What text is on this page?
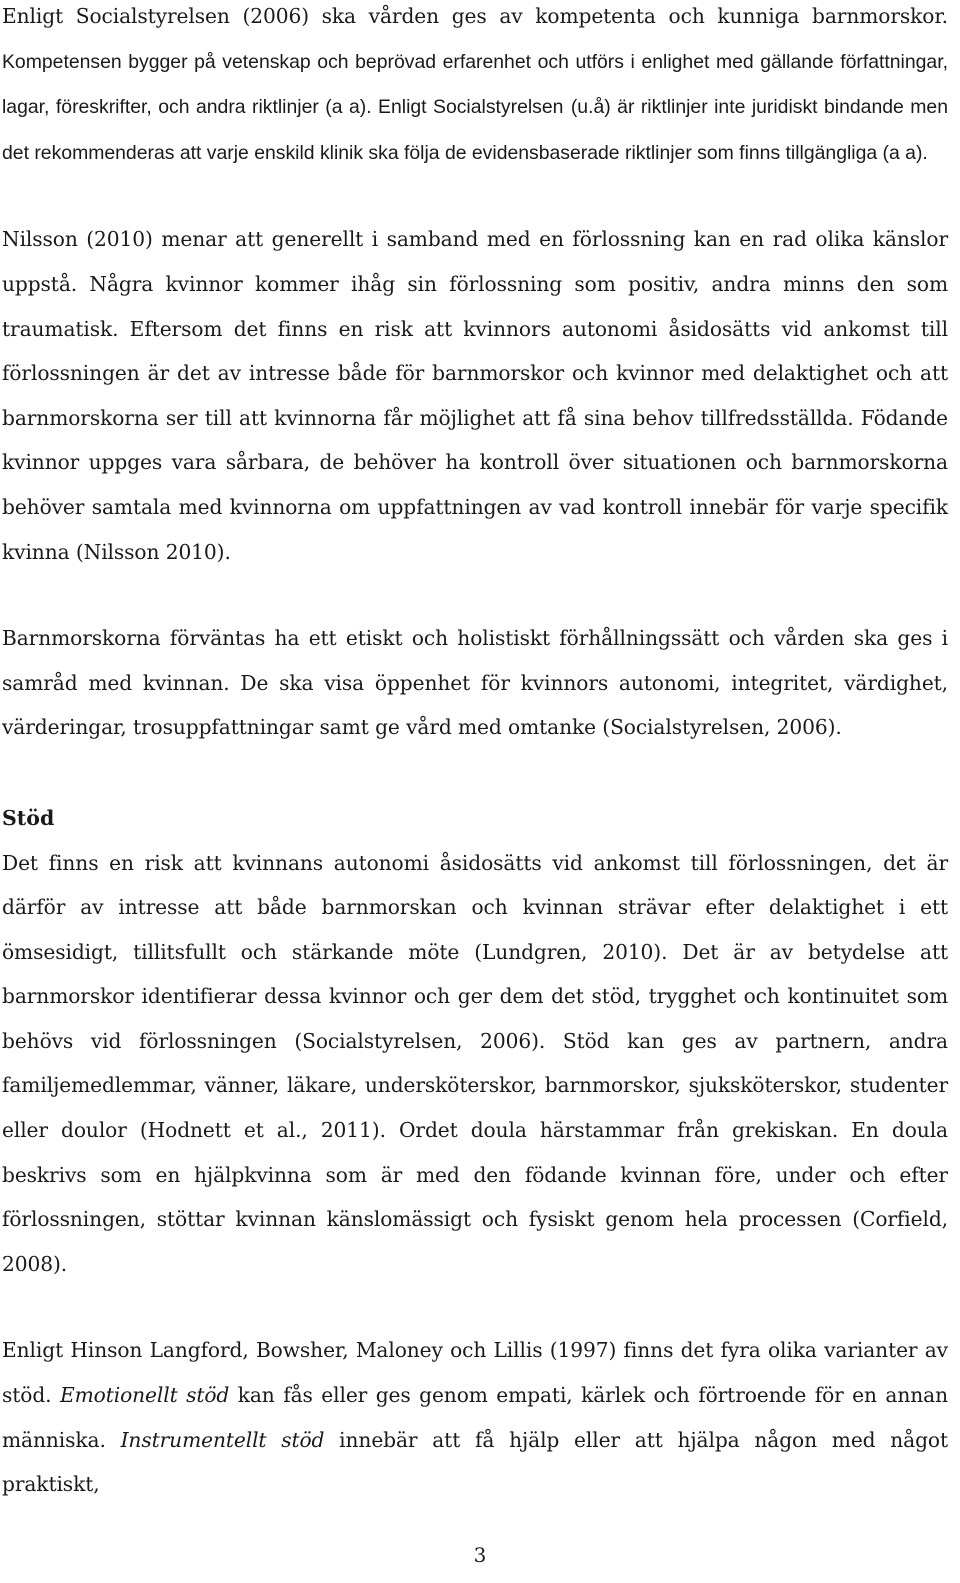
Enligt Socialstyrelsen (2006) ska vården ges av kompetenta och kunniga barnmorskor. Kompetensen bygger på vetenskap och beprövad erfarenhet och utförs i enlighet med gällande författningar, lagar, föreskrifter, och andra riktlinjer (a a). Enligt Socialstyrelsen (u.å) är riktlinjer inte juridiskt bindande men det rekommenderas att varje enskild klinik ska följa de evidensbaserade riktlinjer som finns tillgängliga (a a).

Nilsson (2010) menar att generellt i samband med en förlossning kan en rad olika känslor uppstå. Några kvinnor kommer ihåg sin förlossning som positiv, andra minns den som traumatisk. Eftersom det finns en risk att kvinnors autonomi åsidosätts vid ankomst till förlossningen är det av intresse både för barnmorskor och kvinnor med delaktighet och att barnmorskorna ser till att kvinnorna får möjlighet att få sina behov tillfredsställda. Födande kvinnor uppges vara sårbara, de behöver ha kontroll över situationen och barnmorskorna behöver samtala med kvinnorna om uppfattningen av vad kontroll innebär för varje specifik kvinna (Nilsson 2010).

Barnmorskorna förväntas ha ett etiskt och holistiskt förhållningssätt och vården ska ges i samråd med kvinnan. De ska visa öppenhet för kvinnors autonomi, integritet, värdighet, värderingar, trosuppfattningar samt ge vård med omtanke (Socialstyrelsen, 2006).

Stöd

Det finns en risk att kvinnans autonomi åsidosätts vid ankomst till förlossningen, det är därför av intresse att både barnmorskan och kvinnan strävar efter delaktighet i ett ömsesidigt, tillitsfullt och stärkande möte (Lundgren, 2010). Det är av betydelse att barnmorskor identifierar dessa kvinnor och ger dem det stöd, trygghet och kontinuitet som behövs vid förlossningen (Socialstyrelsen, 2006). Stöd kan ges av partnern, andra familjemedlemmar, vänner, läkare, undersköterskor, barnmorskor, sjuksköterskor, studenter eller doulor (Hodnett et al., 2011). Ordet doula härstammar från grekiskan. En doula beskrivs som en hjälpkvinna som är med den födande kvinnan före, under och efter förlossningen, stöttar kvinnan känslomässigt och fysiskt genom hela processen (Corfield, 2008).

Enligt Hinson Langford, Bowsher, Maloney och Lillis (1997) finns det fyra olika varianter av stöd. Emotionellt stöd kan fås eller ges genom empati, kärlek och förtroende för en annan människa. Instrumentellt stöd innebär att få hjälp eller att hjälpa någon med något praktiskt,

3
